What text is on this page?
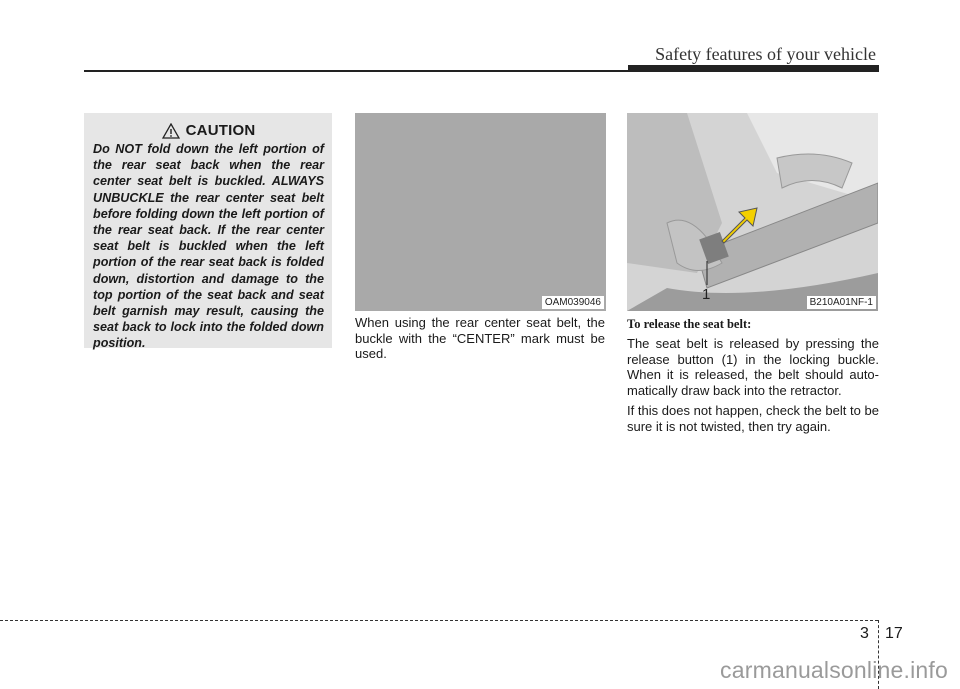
Safety features of your vehicle
CAUTION
Do NOT fold down the left portion of the rear seat back when the rear center seat belt is buckled. ALWAYS UNBUCKLE the rear center seat belt before folding down the left portion of the rear seat back. If the rear center seat belt is buckled when the left portion of the rear seat back is folded down, distortion and damage to the top portion of the seat back and seat belt garnish may result, causing the seat back to lock into the folded down position.
OAM039046
When using the rear center seat belt, the buckle with the “CENTER” mark must be used.
1	B210A01NF-1
To release the seat belt:

The seat belt is released by pressing the release button (1) in the locking buckle. When it is released, the belt should auto-matically draw back into the retractor.

If this does not happen, check the belt to be sure it is not twisted, then try again.

3 17
carmanualsonline.info
